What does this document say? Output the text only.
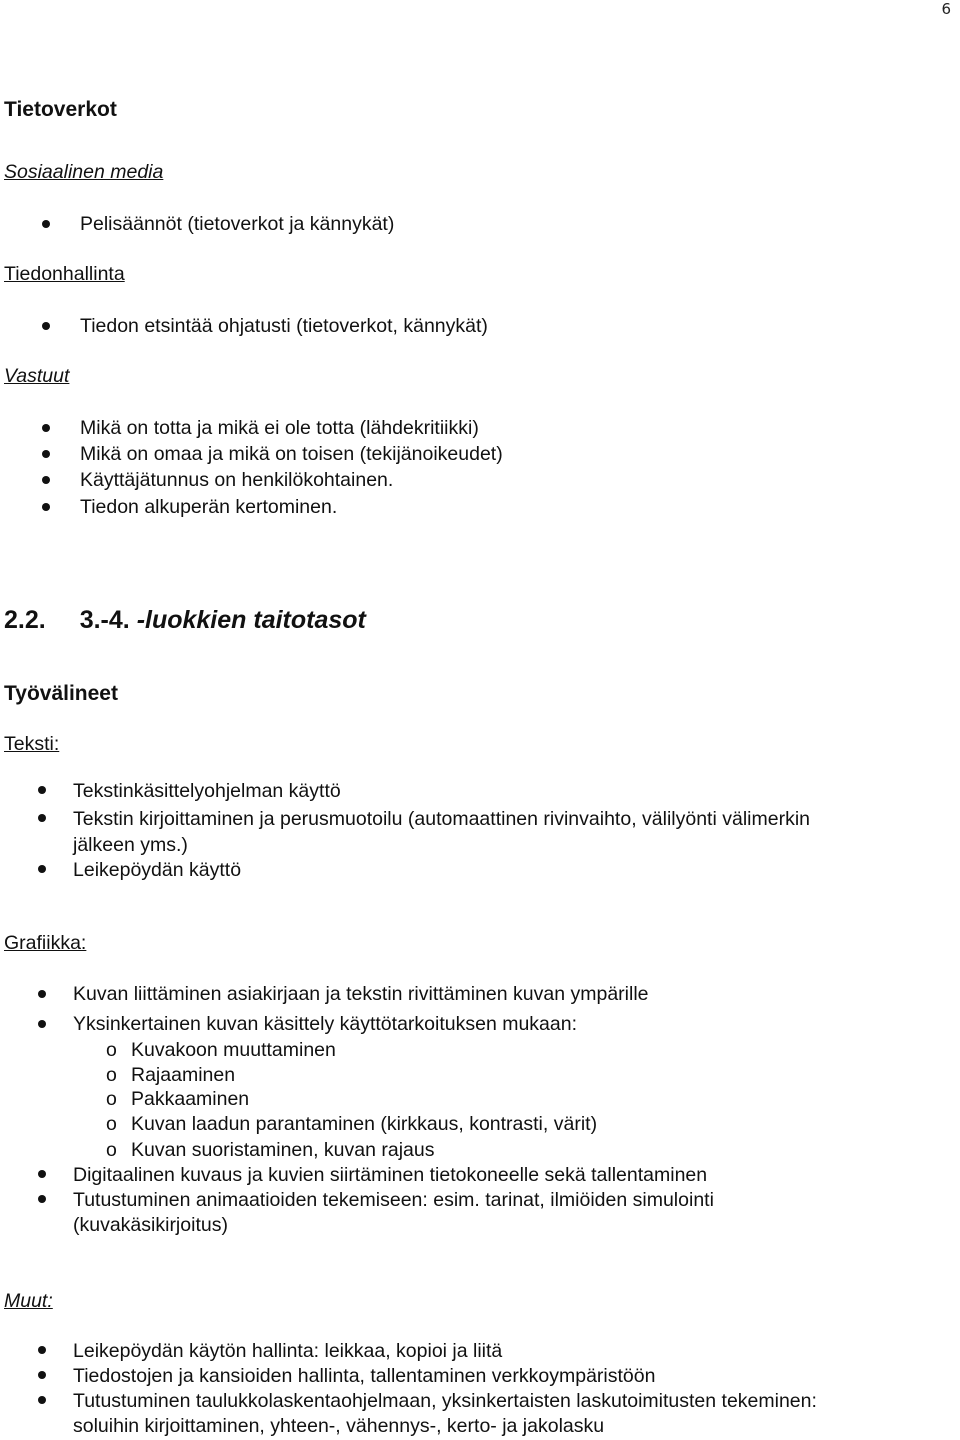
6
Tietoverkot
Sosiaalinen media
Pelisäännöt (tietoverkot ja kännykät)
Tiedonhallinta
Tiedon etsintää ohjatusti (tietoverkot, kännykät)
Vastuut
Mikä on totta ja mikä ei ole totta (lähdekritiikki)
Mikä on omaa ja mikä on toisen (tekijänoikeudet)
Käyttäjätunnus on henkilökohtainen.
Tiedon alkuperän kertominen.
2.2. 3.-4. -luokkien taitotasot
Työvälineet
Teksti:
Tekstinkäsittelyohjelman käyttö
Tekstin kirjoittaminen ja perusmuotoilu (automaattinen rivinvaihto, välilyönti välimerkin
jälkeen yms.)
Leikepöydän käyttö
Grafiikka:
Kuvan liittäminen asiakirjaan ja tekstin rivittäminen kuvan ympärille
Yksinkertainen kuvan käsittely käyttötarkoituksen mukaan:
o Kuvakoon muuttaminen
o Rajaaminen
o Pakkaaminen
o Kuvan laadun parantaminen (kirkkaus, kontrasti, värit)
o Kuvan suoristaminen, kuvan rajaus
Digitaalinen kuvaus ja kuvien siirtäminen tietokoneelle sekä tallentaminen
Tutustuminen animaatioiden tekemiseen: esim. tarinat, ilmiöiden simulointi
(kuvakäsikirjoitus)
Muut:
Leikepöydän käytön hallinta: leikkaa, kopioi ja liitä
Tiedostojen ja kansioiden hallinta, tallentaminen verkkoympäristöön
Tutustuminen taulukkolaskentaohjelmaan, yksinkertaisten laskutoimitusten tekeminen:
soluihin kirjoittaminen, yhteen-, vähennys-, kerto- ja jakolasku
